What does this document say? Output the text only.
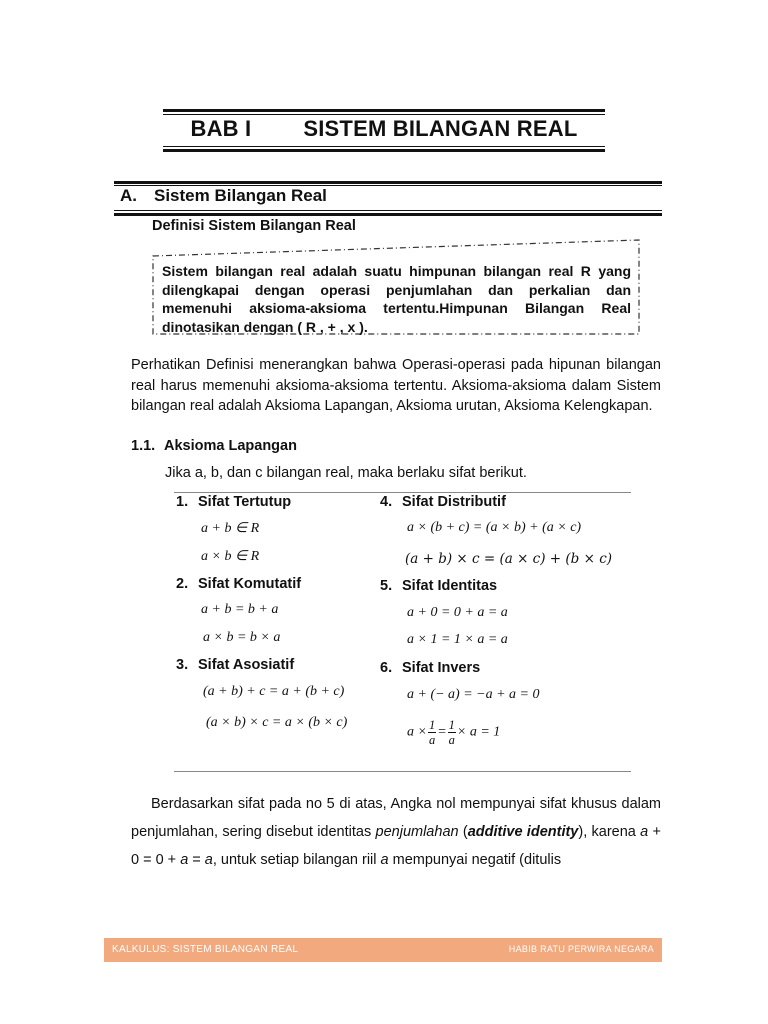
BAB I SISTEM BILANGAN REAL
A. Sistem Bilangan Real
Definisi Sistem Bilangan Real
Sistem bilangan real adalah suatu himpunan bilangan real R yang dilengkapai dengan operasi penjumlahan dan perkalian dan memenuhi aksioma-aksioma tertentu.Himpunan Bilangan Real dinotasikan dengan ( R , + , x ).
Perhatikan Definisi menerangkan bahwa Operasi-operasi pada hipunan bilangan real harus memenuhi aksioma-aksioma tertentu. Aksioma-aksioma dalam Sistem bilangan real adalah Aksioma Lapangan, Aksioma urutan, Aksioma Kelengkapan.
1.1. Aksioma Lapangan
Jika a, b, dan c bilangan real, maka berlaku sifat berikut.
1. Sifat Tertutup
a + b ∈ R
a × b ∈ R
2. Sifat Komutatif
a + b = b + a
a × b = b × a
3. Sifat Asosiatif
(a + b) + c = a + (b + c)
(a × b) × c = a × (b × c)
4. Sifat Distributif
a × (b + c) = (a × b) + (a × c)
(a + b) × c = (a × c) + (b × c)
5. Sifat Identitas
a + 0 = 0 + a = a
a × 1 = 1 × a = a
6. Sifat Invers
a + (− a) = −a + a = 0
$a \times \frac{1}{a} = \frac{1}{a} \times a = 1$
Berdasarkan sifat pada no 5 di atas, Angka nol mempunyai sifat khusus dalam penjumlahan, sering disebut identitas penjumlahan (additive identity), karena a + 0 = 0 + a = a, untuk setiap bilangan riil a mempunyai negatif (ditulis
KALKULUS: SISTEM BILANGAN REAL	HABIB RATU PERWIRA NEGARA
